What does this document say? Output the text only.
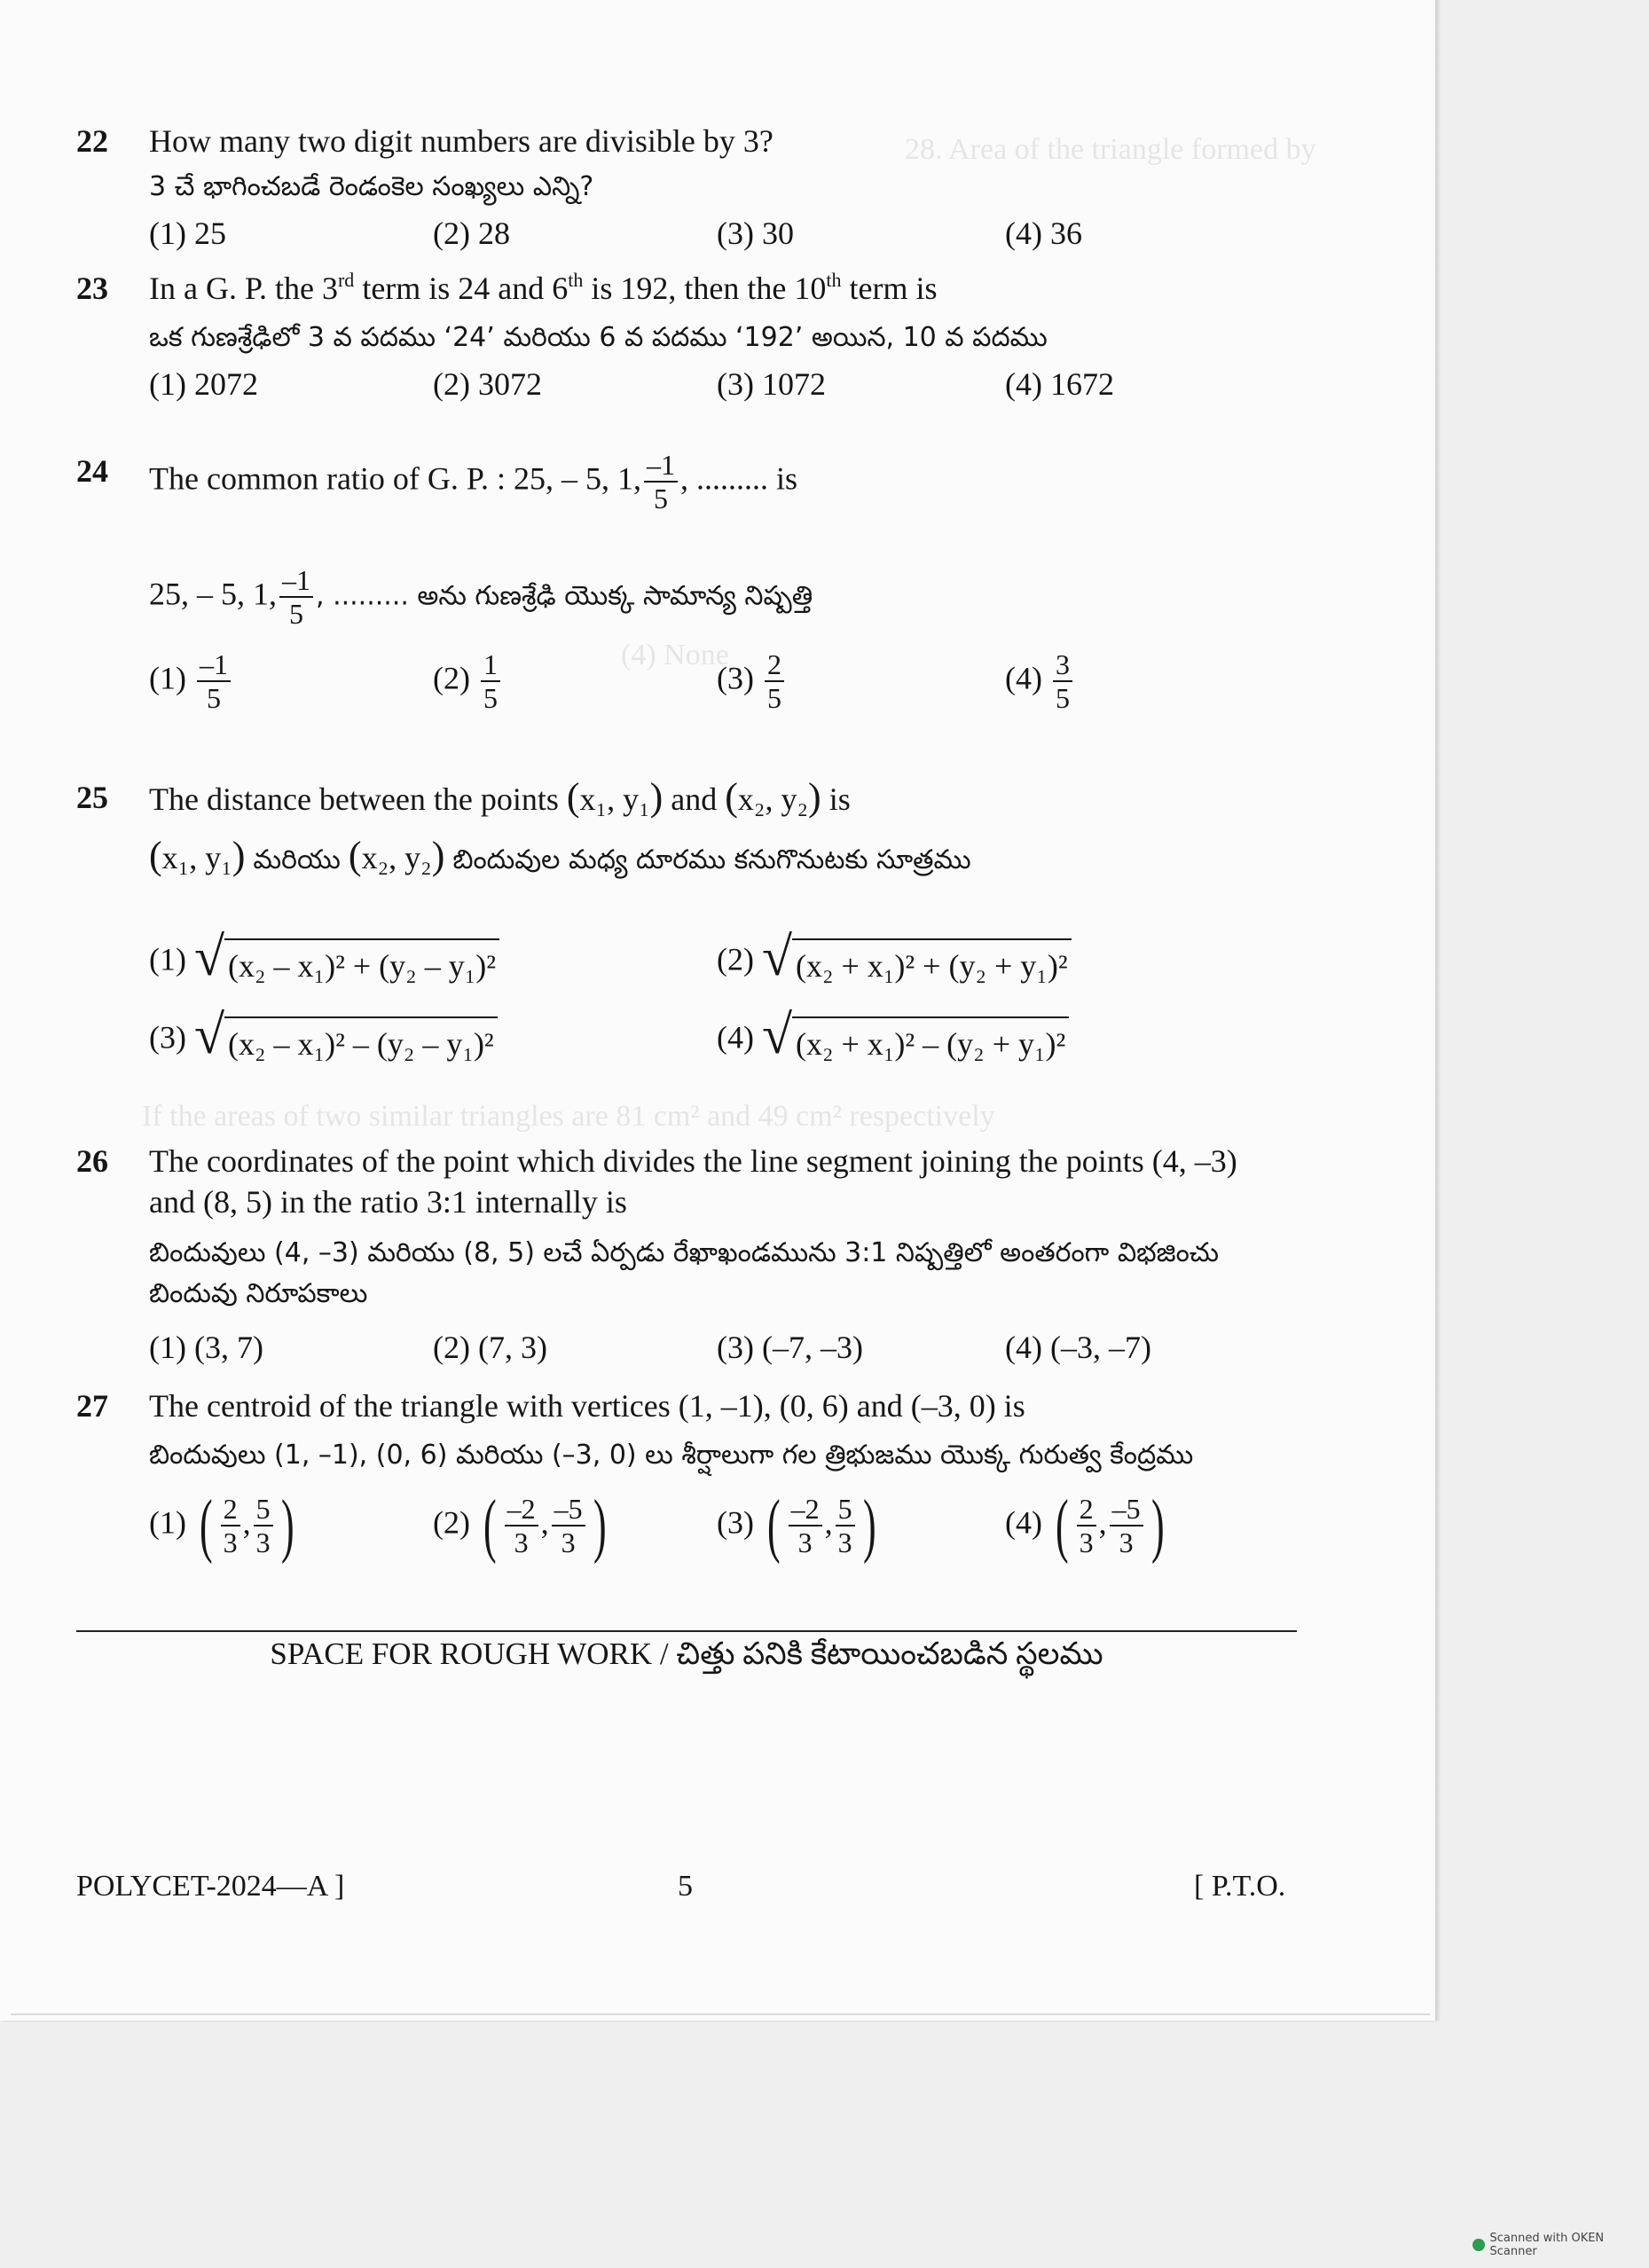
28. Area of the triangle formed by
(4) None
If the areas of two similar triangles are 81 cm² and 49 cm² respectively
22	How many two digit numbers are divisible by 3?
3 చే భాగించబడే రెండంకెల సంఖ్యలు ఎన్ని?
(1) 25	(2) 28	(3) 30	(4) 36
23	In a G. P. the 3rd term is 24 and 6th is 192, then the 10th term is
ఒక గుణశ్రేఢిలో 3 వ పదము ‘24’ మరియు 6 వ పదము ‘192’ అయిన, 10 వ పదము
(1) 2072	(2) 3072	(3) 1072	(4) 1672
24	The common ratio of G. P. : 25, – 5, 1, $\frac{-1}{5}$ , ......... is
25, – 5, 1, $\frac{-1}{5}$ , ......... అను గుణశ్రేఢి యొక్క సామాన్య నిష్పత్తి
$(1) \frac{-1}{5}$	$(2) \frac{1}{5}$	$(3) \frac{2}{5}$	$(4) \frac{3}{5}$
25	The distance between the points (x₁, y₁) and (x₂, y₂) is
(x₁, y₁) మరియు (x₂, y₂) బిందువుల మధ్య దూరము కనుగొనుటకు సూత్రము
(1) √ (x₂ – x₁)² + (y₂ – y₁)²	(2) √ (x₂ + x₁)² + (y₂ + y₁)²
(3) √ (x₂ – x₁)² – (y₂ – y₁)²	(4) √ (x₂ + x₁)² – (y₂ + y₁)²
26	The coordinates of the point which divides the line segment joining the points (4, –3)
and (8, 5) in the ratio 3:1 internally is
బిందువులు (4, –3) మరియు (8, 5) లచే ఏర్పడు రేఖాఖండమును 3:1 నిష్పత్తిలో అంతరంగా విభజించు
బిందువు నిరూపకాలు
(1) (3, 7)	(2) (7, 3)	(3) (–7, –3)	(4) (–3, –7)
27	The centroid of the triangle with vertices (1, –1), (0, 6) and (–3, 0) is
బిందువులు (1, –1), (0, 6) మరియు (–3, 0) లు శీర్షాలుగా గల త్రిభుజము యొక్క గురుత్వ కేంద్రము
(1) ( $\frac{2}{3}$ , $\frac{5}{3}$ )	(2) ( $\frac{-2}{3}$ , $\frac{-5}{3}$ )	(3) ( $\frac{-2}{3}$ , $\frac{5}{3}$ )	(4) ( $\frac{2}{3}$ , $\frac{-5}{3}$ )
SPACE FOR ROUGH WORK / చిత్తు పనికి కేటాయించబడిన స్థలము
POLYCET-2024—A ]	5	[ P.T.O.
Scanned with OKEN Scanner
